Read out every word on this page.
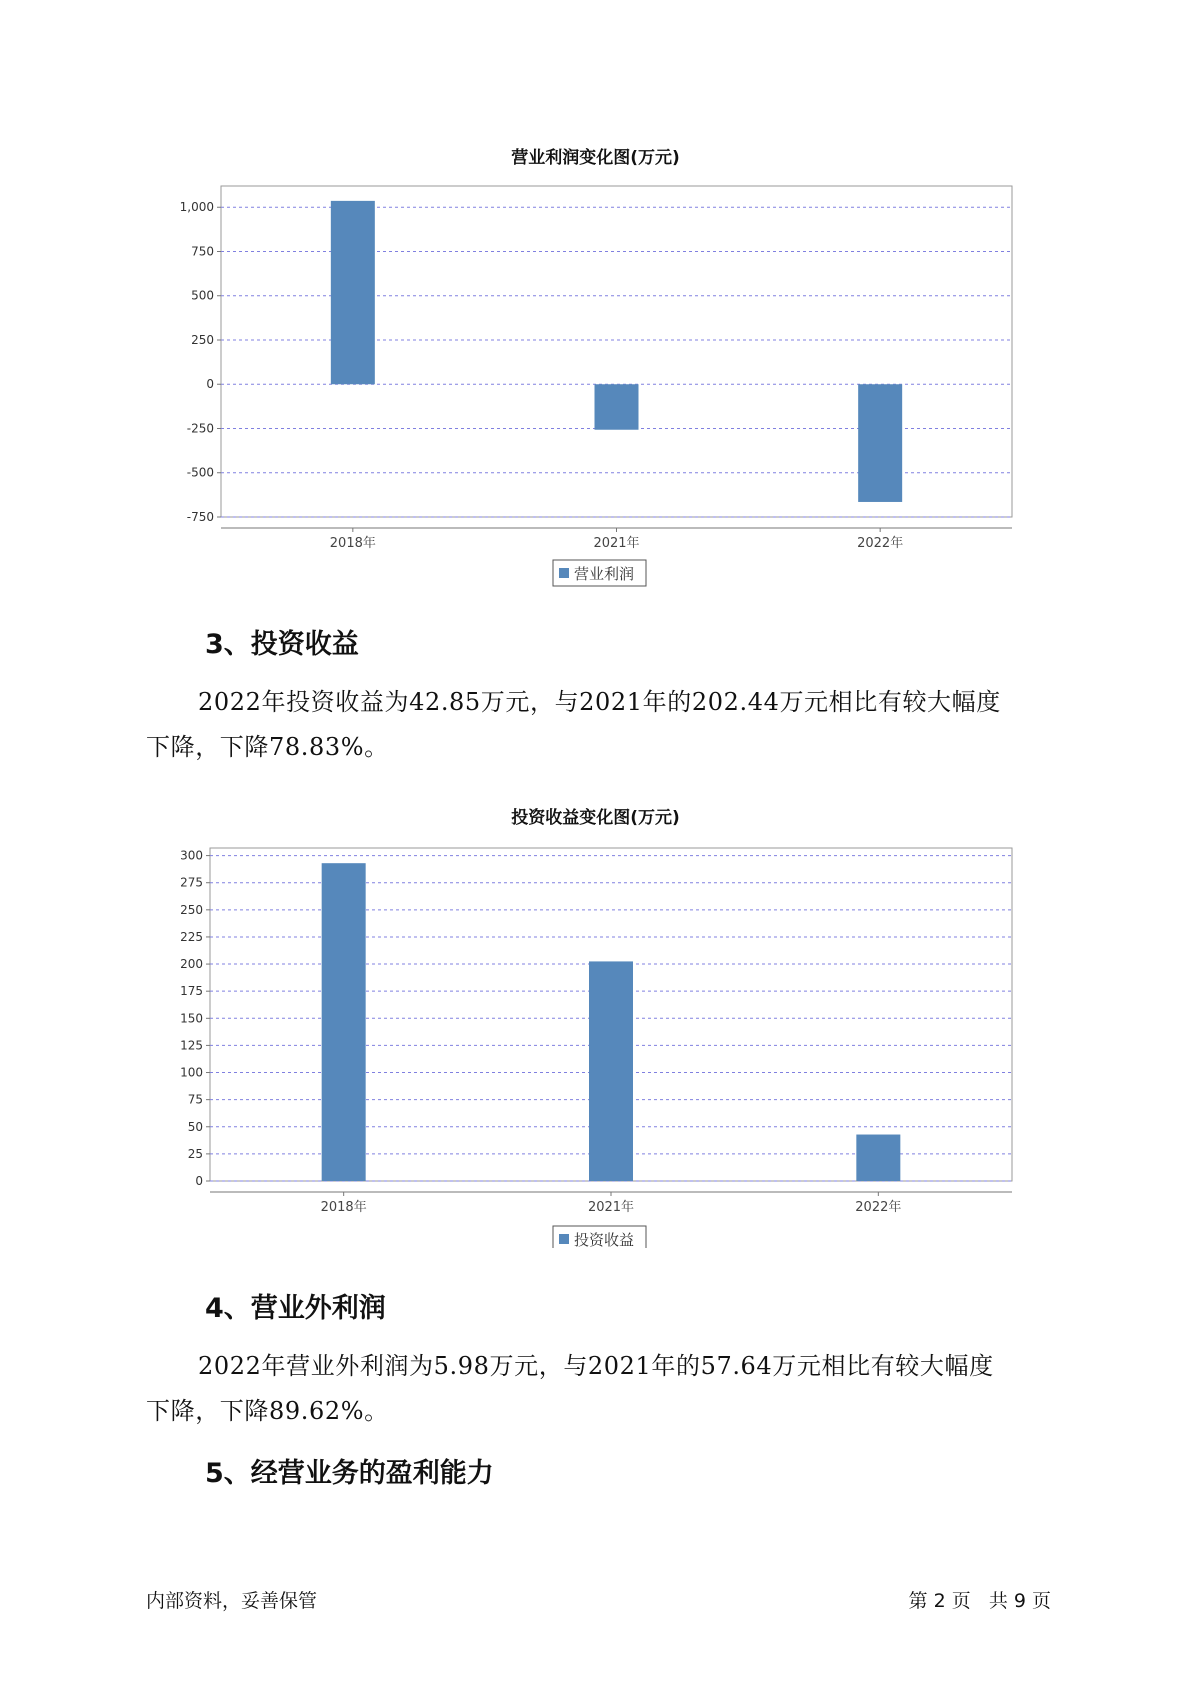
营业利润变化图(万元)
1,000
750
500
250
0
-250
-500
-750
2018年	2021年	2022年
营业利润
3、投资收益
2022年投资收益为42.85万元，与2021年的202.44万元相比有较大幅度
下降，下降78.83%。
投资收益变化图(万元)
300
275
250
225
200
175
150
125
100
75
50
25
0
2018年	2021年	2022年
投资收益
4、营业外利润
2022年营业外利润为5.98万元，与2021年的57.64万元相比有较大幅度
下降，下降89.62%。
5、经营业务的盈利能力
内部资料，妥善保管	第 2 页   共 9 页
